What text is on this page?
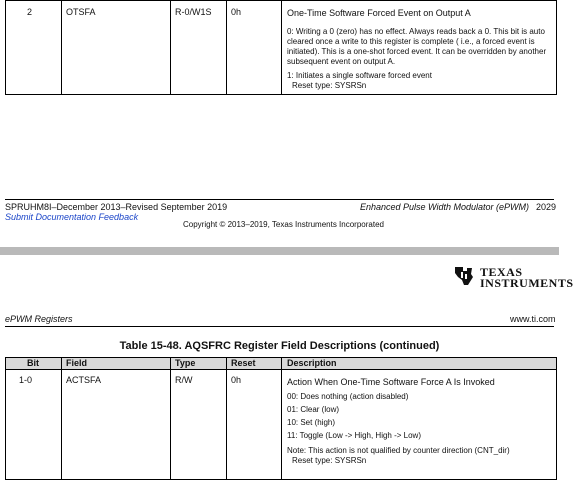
2	OTSFA	R-0/W1S 0h	One-Time Software Forced Event on Output A

0: Writing a 0 (zero) has no effect. Always reads back a 0. This bit is auto cleared once a write to this register is complete ( i.e., a forced event is initiated). This is a one-shot forced event. It can be overridden by another subsequent event on output A.

1: Initiates a single software forced event

Reset type: SYSRSn

SPRUHM8I–December 2013–Revised September 2019
Submit Documentation Feedback
Enhanced Pulse Width Modulator (ePWM) 2029
Copyright © 2013–2019, Texas Instruments Incorporated
TEXAS
INSTRUMENTS
ePWM Registers	www.ti.com
Table 15-48. AQSFRC Register Field Descriptions (continued)
Bit	Field	Type	Reset	Description
1-0	ACTSFA	R/W	0h	Action When One-Time Software Force A Is Invoked
00: Does nothing (action disabled)
01: Clear (low)
10: Set (high)
11: Toggle (Low -> High, High -> Low)
Note: This action is not qualified by counter direction (CNT_dir)
Reset type: SYSRSn
